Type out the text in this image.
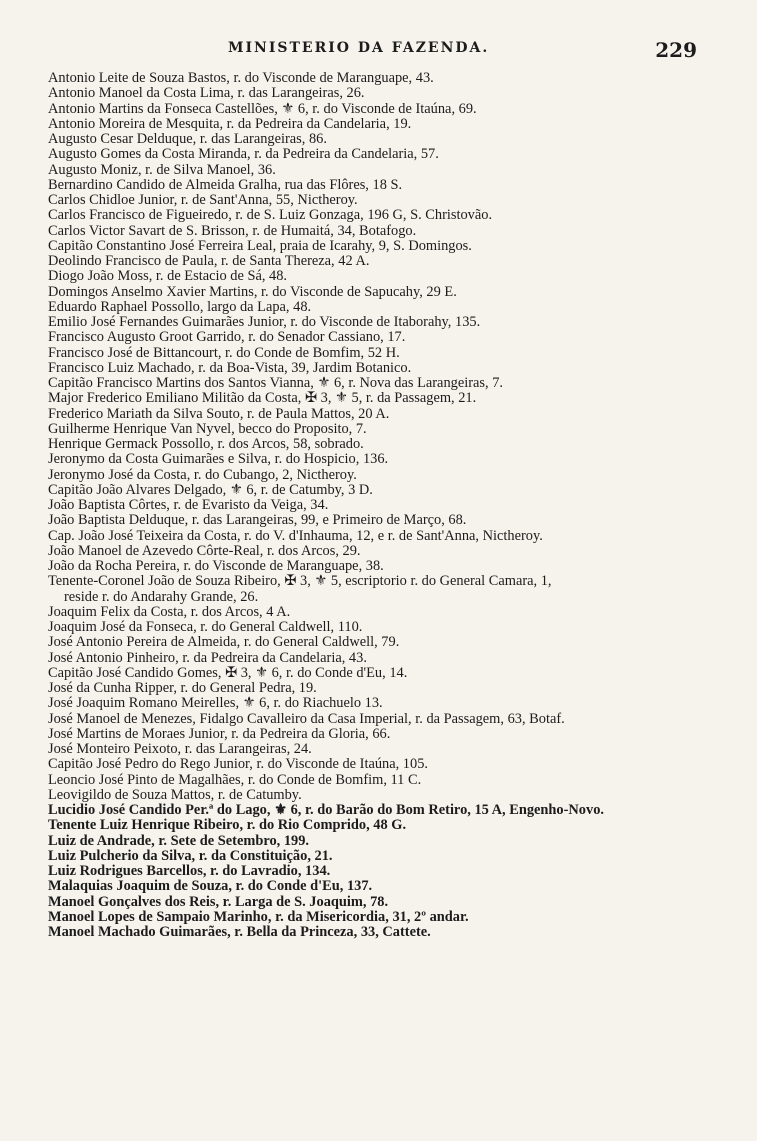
MINISTERIO DA FAZENDA.	229
Antonio Leite de Souza Bastos, r. do Visconde de Maranguape, 43.
Antonio Manoel da Costa Lima, r. das Larangeiras, 26.
Antonio Martins da Fonseca Castellões, ⚜ 6, r. do Visconde de Itaúna, 69.
Antonio Moreira de Mesquita, r. da Pedreira da Candelaria, 19.
Augusto Cesar Delduque, r. das Larangeiras, 86.
Augusto Gomes da Costa Miranda, r. da Pedreira da Candelaria, 57.
Augusto Moniz, r. de Silva Manoel, 36.
Bernardino Candido de Almeida Gralha, rua das Flôres, 18 S.
Carlos Chidloe Junior, r. de Sant'Anna, 55, Nictheroy.
Carlos Francisco de Figueiredo, r. de S. Luiz Gonzaga, 196 G, S. Christovão.
Carlos Victor Savart de S. Brisson, r. de Humaitá, 34, Botafogo.
Capitão Constantino José Ferreira Leal, praia de Icarahy, 9, S. Domingos.
Deolindo Francisco de Paula, r. de Santa Thereza, 42 A.
Diogo João Moss, r. de Estacio de Sá, 48.
Domingos Anselmo Xavier Martins, r. do Visconde de Sapucahy, 29 E.
Eduardo Raphael Possollo, largo da Lapa, 48.
Emilio José Fernandes Guimarães Junior, r. do Visconde de Itaborahy, 135.
Francisco Augusto Groot Garrido, r. do Senador Cassiano, 17.
Francisco José de Bittancourt, r. do Conde de Bomfim, 52 H.
Francisco Luiz Machado, r. da Boa-Vista, 39, Jardim Botanico.
Capitão Francisco Martins dos Santos Vianna, ⚜ 6, r. Nova das Larangeiras, 7.
Major Frederico Emiliano Militão da Costa, ✠ 3, ⚜ 5, r. da Passagem, 21.
Frederico Mariath da Silva Souto, r. de Paula Mattos, 20 A.
Guilherme Henrique Van Nyvel, becco do Proposito, 7.
Henrique Germack Possollo, r. dos Arcos, 58, sobrado.
Jeronymo da Costa Guimarães e Silva, r. do Hospicio, 136.
Jeronymo José da Costa, r. do Cubango, 2, Nictheroy.
Capitão João Alvares Delgado, ⚜ 6, r. de Catumby, 3 D.
João Baptista Côrtes, r. de Evaristo da Veiga, 34.
João Baptista Delduque, r. das Larangeiras, 99, e Primeiro de Março, 68.
Cap. João José Teixeira da Costa, r. do V. d'Inhauma, 12, e r. de Sant'Anna, Nictheroy.
João Manoel de Azevedo Côrte-Real, r. dos Arcos, 29.
João da Rocha Pereira, r. do Visconde de Maranguape, 38.
Tenente-Coronel João de Souza Ribeiro, ✠ 3, ⚜ 5, escriptorio r. do General Camara, 1,
reside r. do Andarahy Grande, 26.
Joaquim Felix da Costa, r. dos Arcos, 4 A.
Joaquim José da Fonseca, r. do General Caldwell, 110.
José Antonio Pereira de Almeida, r. do General Caldwell, 79.
José Antonio Pinheiro, r. da Pedreira da Candelaria, 43.
Capitão José Candido Gomes, ✠ 3, ⚜ 6, r. do Conde d'Eu, 14.
José da Cunha Ripper, r. do General Pedra, 19.
José Joaquim Romano Meirelles, ⚜ 6, r. do Riachuelo 13.
José Manoel de Menezes, Fidalgo Cavalleiro da Casa Imperial, r. da Passagem, 63, Botaf.
José Martins de Moraes Junior, r. da Pedreira da Gloria, 66.
José Monteiro Peixoto, r. das Larangeiras, 24.
Capitão José Pedro do Rego Junior, r. do Visconde de Itaúna, 105.
Leoncio José Pinto de Magalhães, r. do Conde de Bomfim, 11 C.
Leovigildo de Souza Mattos, r. de Catumby.
Lucidio José Candido Per.ª do Lago, ⚜ 6, r. do Barão do Bom Retiro, 15 A, Engenho-Novo.
Tenente Luiz Henrique Ribeiro, r. do Rio Comprido, 48 G.
Luiz de Andrade, r. Sete de Setembro, 199.
Luiz Pulcherio da Silva, r. da Constituição, 21.
Luiz Rodrigues Barcellos, r. do Lavradio, 134.
Malaquias Joaquim de Souza, r. do Conde d'Eu, 137.
Manoel Gonçalves dos Reis, r. Larga de S. Joaquim, 78.
Manoel Lopes de Sampaio Marinho, r. da Misericordia, 31, 2º andar.
Manoel Machado Guimarães, r. Bella da Princeza, 33, Cattete.
